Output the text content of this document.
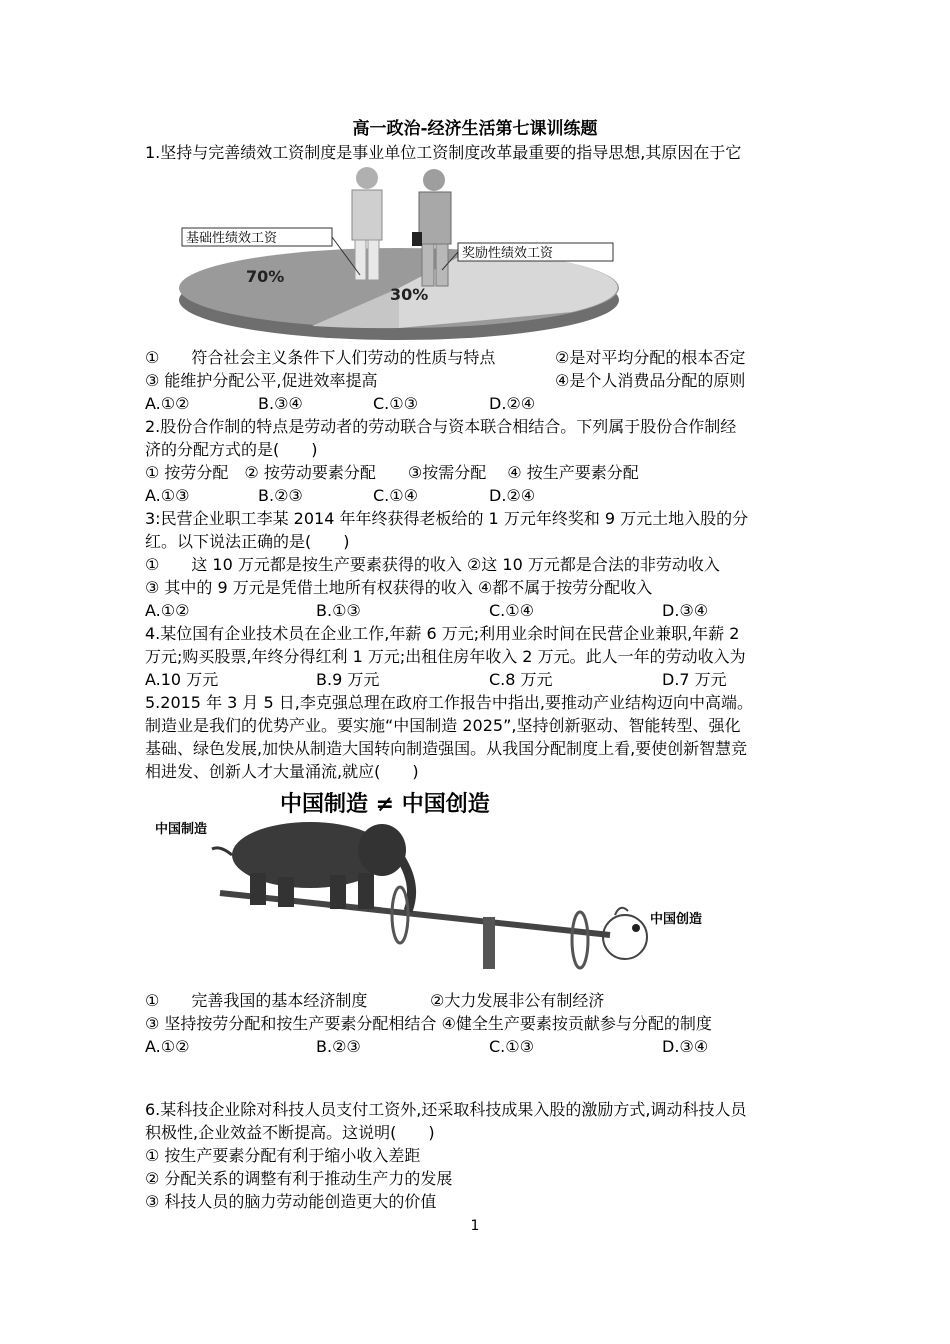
高一政治-经济生活第七课训练题
1.坚持与完善绩效工资制度是事业单位工资制度改革最重要的指导思想,其原因在于它
基础性绩效工资
奖励性绩效工资
70%
30%
①　　符合社会主义条件下人们劳动的性质与特点	②是对平均分配的根本否定
③ 能维护分配公平,促进效率提高	④是个人消费品分配的原则
A.①②	B.③④	C.①③	D.②④
2.股份合作制的特点是劳动者的劳动联合与资本联合相结合。下列属于股份合作制经
济的分配方式的是(　　)
① 按劳分配　② 按劳动要素分配　　③按需分配　 ④ 按生产要素分配
A.①③	B.②③	C.①④	D.②④
3:民营企业职工李某 2014 年年终获得老板给的 1 万元年终奖和 9 万元土地入股的分
红。以下说法正确的是(　　)
①　　这 10 万元都是按生产要素获得的收入 ②这 10 万元都是合法的非劳动收入
③ 其中的 9 万元是凭借土地所有权获得的收入 ④都不属于按劳分配收入
A.①②	B.①③	C.①④	D.③④
4.某位国有企业技术员在企业工作,年薪 6 万元;利用业余时间在民营企业兼职,年薪 2
万元;购买股票,年终分得红利 1 万元;出租住房年收入 2 万元。此人一年的劳动收入为
A.10 万元	B.9 万元	C.8 万元	D.7 万元
5.2015 年 3 月 5 日,李克强总理在政府工作报告中指出,要推动产业结构迈向中高端。
制造业是我们的优势产业。要实施“中国制造 2025”,坚持创新驱动、智能转型、强化
基础、绿色发展,加快从制造大国转向制造强国。从我国分配制度上看,要使创新智慧竞
相进发、创新人才大量涌流,就应(　　)
中国制造 ≠ 中国创造
中国制造
中国创造
①　　完善我国的基本经济制度	②大力发展非公有制经济
③ 坚持按劳分配和按生产要素分配相结合 ④健全生产要素按贡献参与分配的制度
A.①②	B.②③	C.①③	D.③④
6.某科技企业除对科技人员支付工资外,还采取科技成果入股的激励方式,调动科技人员
积极性,企业效益不断提高。这说明(　　)
① 按生产要素分配有利于缩小收入差距
② 分配关系的调整有利于推动生产力的发展
③ 科技人员的脑力劳动能创造更大的价值
1
